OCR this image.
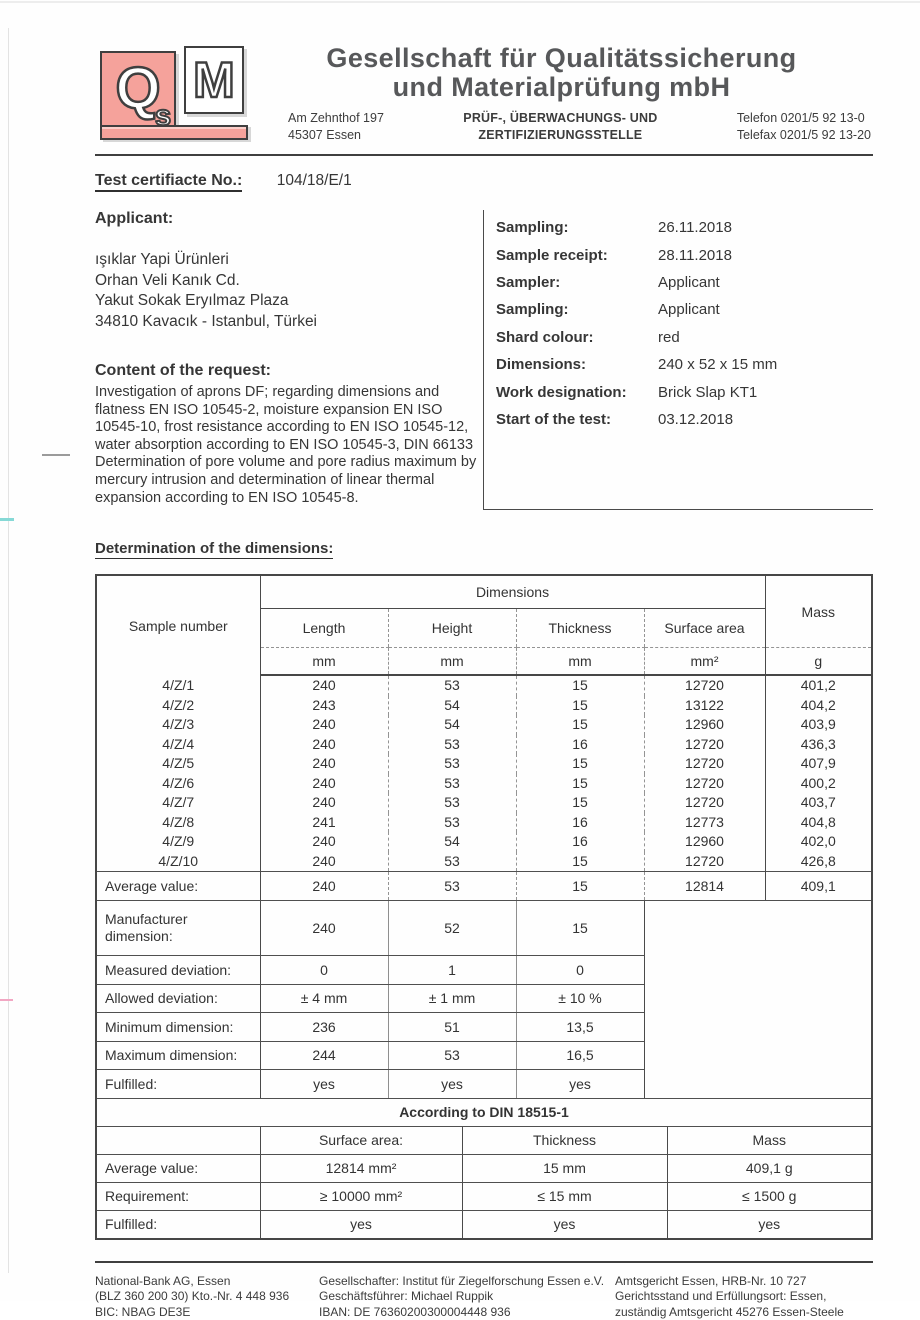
Q
s
M	Gesellschaft für Qualitätssicherung
und Materialprüfung mbH
Am Zehnthof 197
45307 Essen
PRÜF-, ÜBERWACHUNGS- UND
ZERTIFIZIERUNGSSTELLE
Telefon 0201/5 92 13-0
Telefax 0201/5 92 13-20
Test certifiacte No.: 104/18/E/1
Applicant:
ışıklar Yapi Ürünleri
Orhan Veli Kanık Cd.
Yakut Sokak Eryılmaz Plaza
34810 Kavacık - Istanbul, Türkei
Content of the request:
Investigation of aprons DF; regarding dimensions and flatness EN ISO 10545-2, moisture expansion EN ISO 10545-10, frost resistance according to EN ISO 10545-12, water absorption according to EN ISO 10545-3, DIN 66133 Determination of pore volume and pore radius maximum by mercury intrusion and determination of linear thermal expansion according to EN ISO 10545-8.
Sampling:	26.11.2018
Sample receipt:	28.11.2018
Sampler:	Applicant
Sampling:	Applicant
Shard colour:	red
Dimensions:	240 x 52 x 15 mm
Work designation:	Brick Slap KT1
Start of the test:	03.12.2018
Determination of the dimensions:
Sample number	Dimensions				Mass
	Length	Height	Thickness	Surface area	
	mm	mm	mm	mm²	g
4/Z/1	240	53	15	12720	401,2
4/Z/2	243	54	15	13122	404,2
4/Z/3	240	54	15	12960	403,9
4/Z/4	240	53	16	12720	436,3
4/Z/5	240	53	15	12720	407,9
4/Z/6	240	53	15	12720	400,2
4/Z/7	240	53	15	12720	403,7
4/Z/8	241	53	16	12773	404,8
4/Z/9	240	54	16	12960	402,0
4/Z/10	240	53	15	12720	426,8
Average value:	240	53	15	12814	409,1
Manufacturer dimension:	240	52	15		
Measured deviation:	0	1	0		
Allowed deviation:	± 4 mm	± 1 mm	± 10 %		
Minimum dimension:	236	51	13,5		
Maximum dimension:	244	53	16,5		
Fulfilled:	yes	yes	yes		
According to DIN 18515-1			
	Surface area:	Thickness	Mass
Average value:	12814 mm²	15 mm	409,1 g
Requirement:	≥ 10000 mm²	≤ 15 mm	≤ 1500 g
Fulfilled:	yes	yes	yes
National-Bank AG, Essen
(BLZ 360 200 30) Kto.-Nr. 4 448 936
BIC: NBAG DE3E
Gesellschafter: Institut für Ziegelforschung Essen e.V.
Geschäftsführer: Michael Ruppik
IBAN: DE 76360200300004448 936
Amtsgericht Essen, HRB-Nr. 10 727
Gerichtsstand und Erfüllungsort: Essen,
zuständig Amtsgericht 45276 Essen-Steele
